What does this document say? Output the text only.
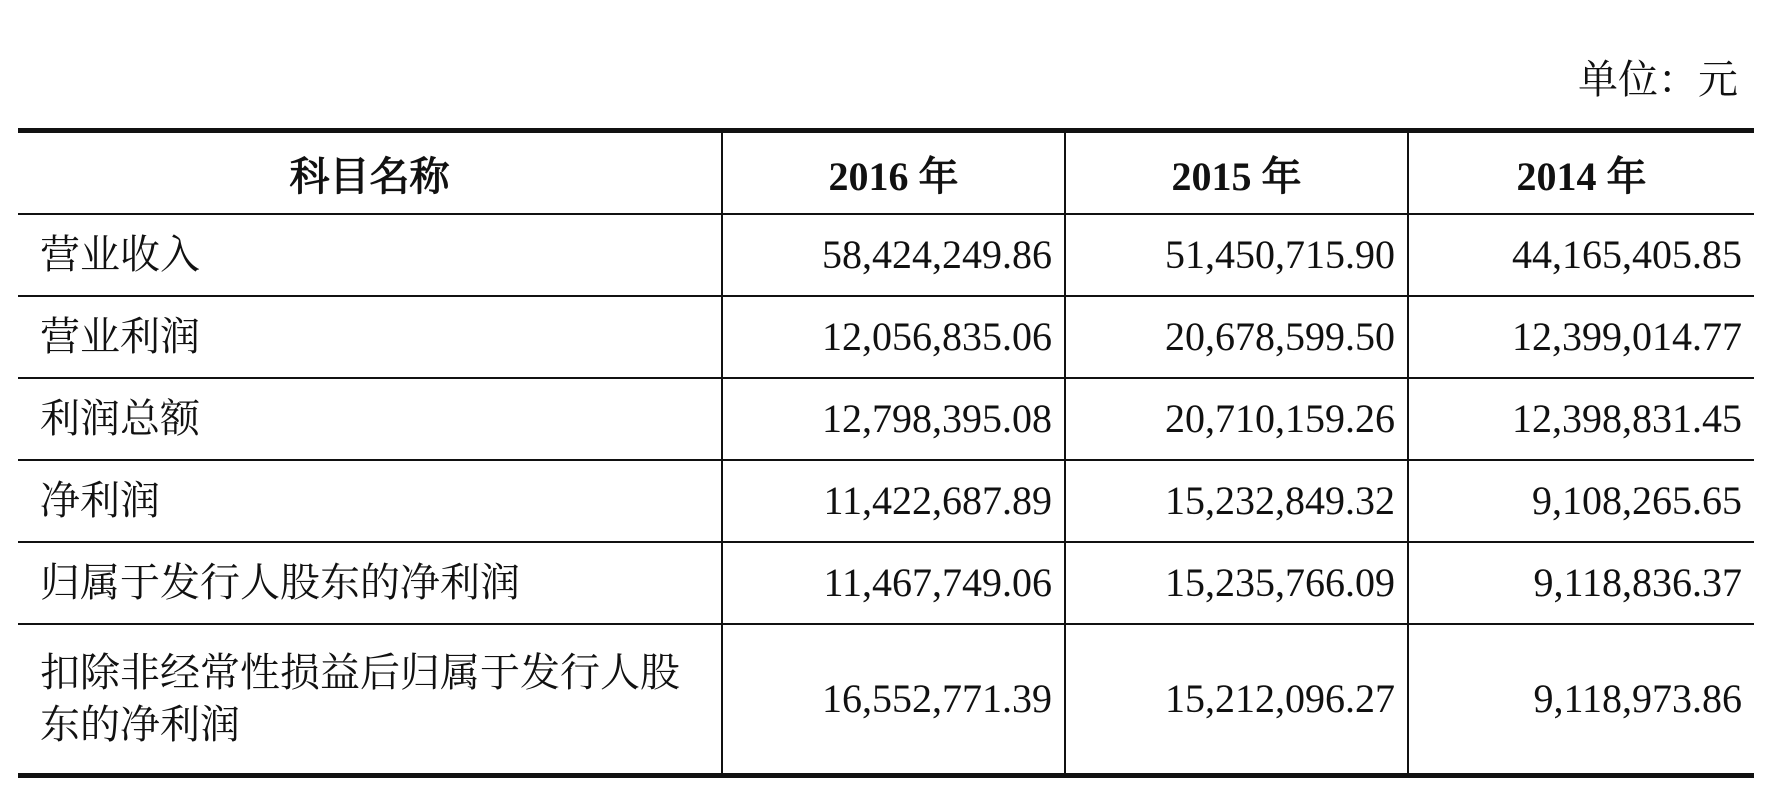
单位：元
科目名称	2016 年	2015 年	2014 年
营业收入	58,424,249.86	51,450,715.90	44,165,405.85
营业利润	12,056,835.06	20,678,599.50	12,399,014.77
利润总额	12,798,395.08	20,710,159.26	12,398,831.45
净利润	11,422,687.89	15,232,849.32	9,108,265.65
归属于发行人股东的净利润	11,467,749.06	15,235,766.09	9,118,836.37
扣除非经常性损益后归属于发行人股东的净利润	16,552,771.39	15,212,096.27	9,118,973.86
